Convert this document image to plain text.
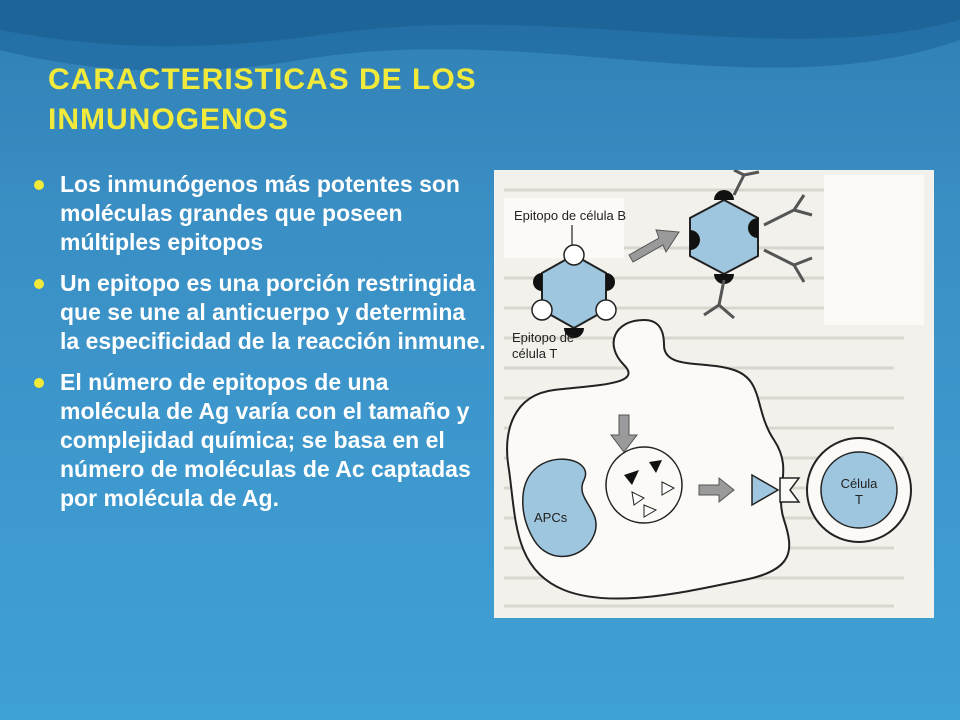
CARACTERISTICAS DE LOS
INMUNOGENOS
Los inmunógenos más potentes son moléculas grandes que poseen múltiples epitopos
Un epitopo es una porción restringida que se une al anticuerpo y determina la especificidad de la reacción inmune.
El número de epitopos de una molécula de Ag varía con el tamaño y complejidad química; se basa en el número de moléculas de Ac captadas por molécula de Ag.
Epitopo de célula B
Epitopo de
célula T
APCs
Célula
T
